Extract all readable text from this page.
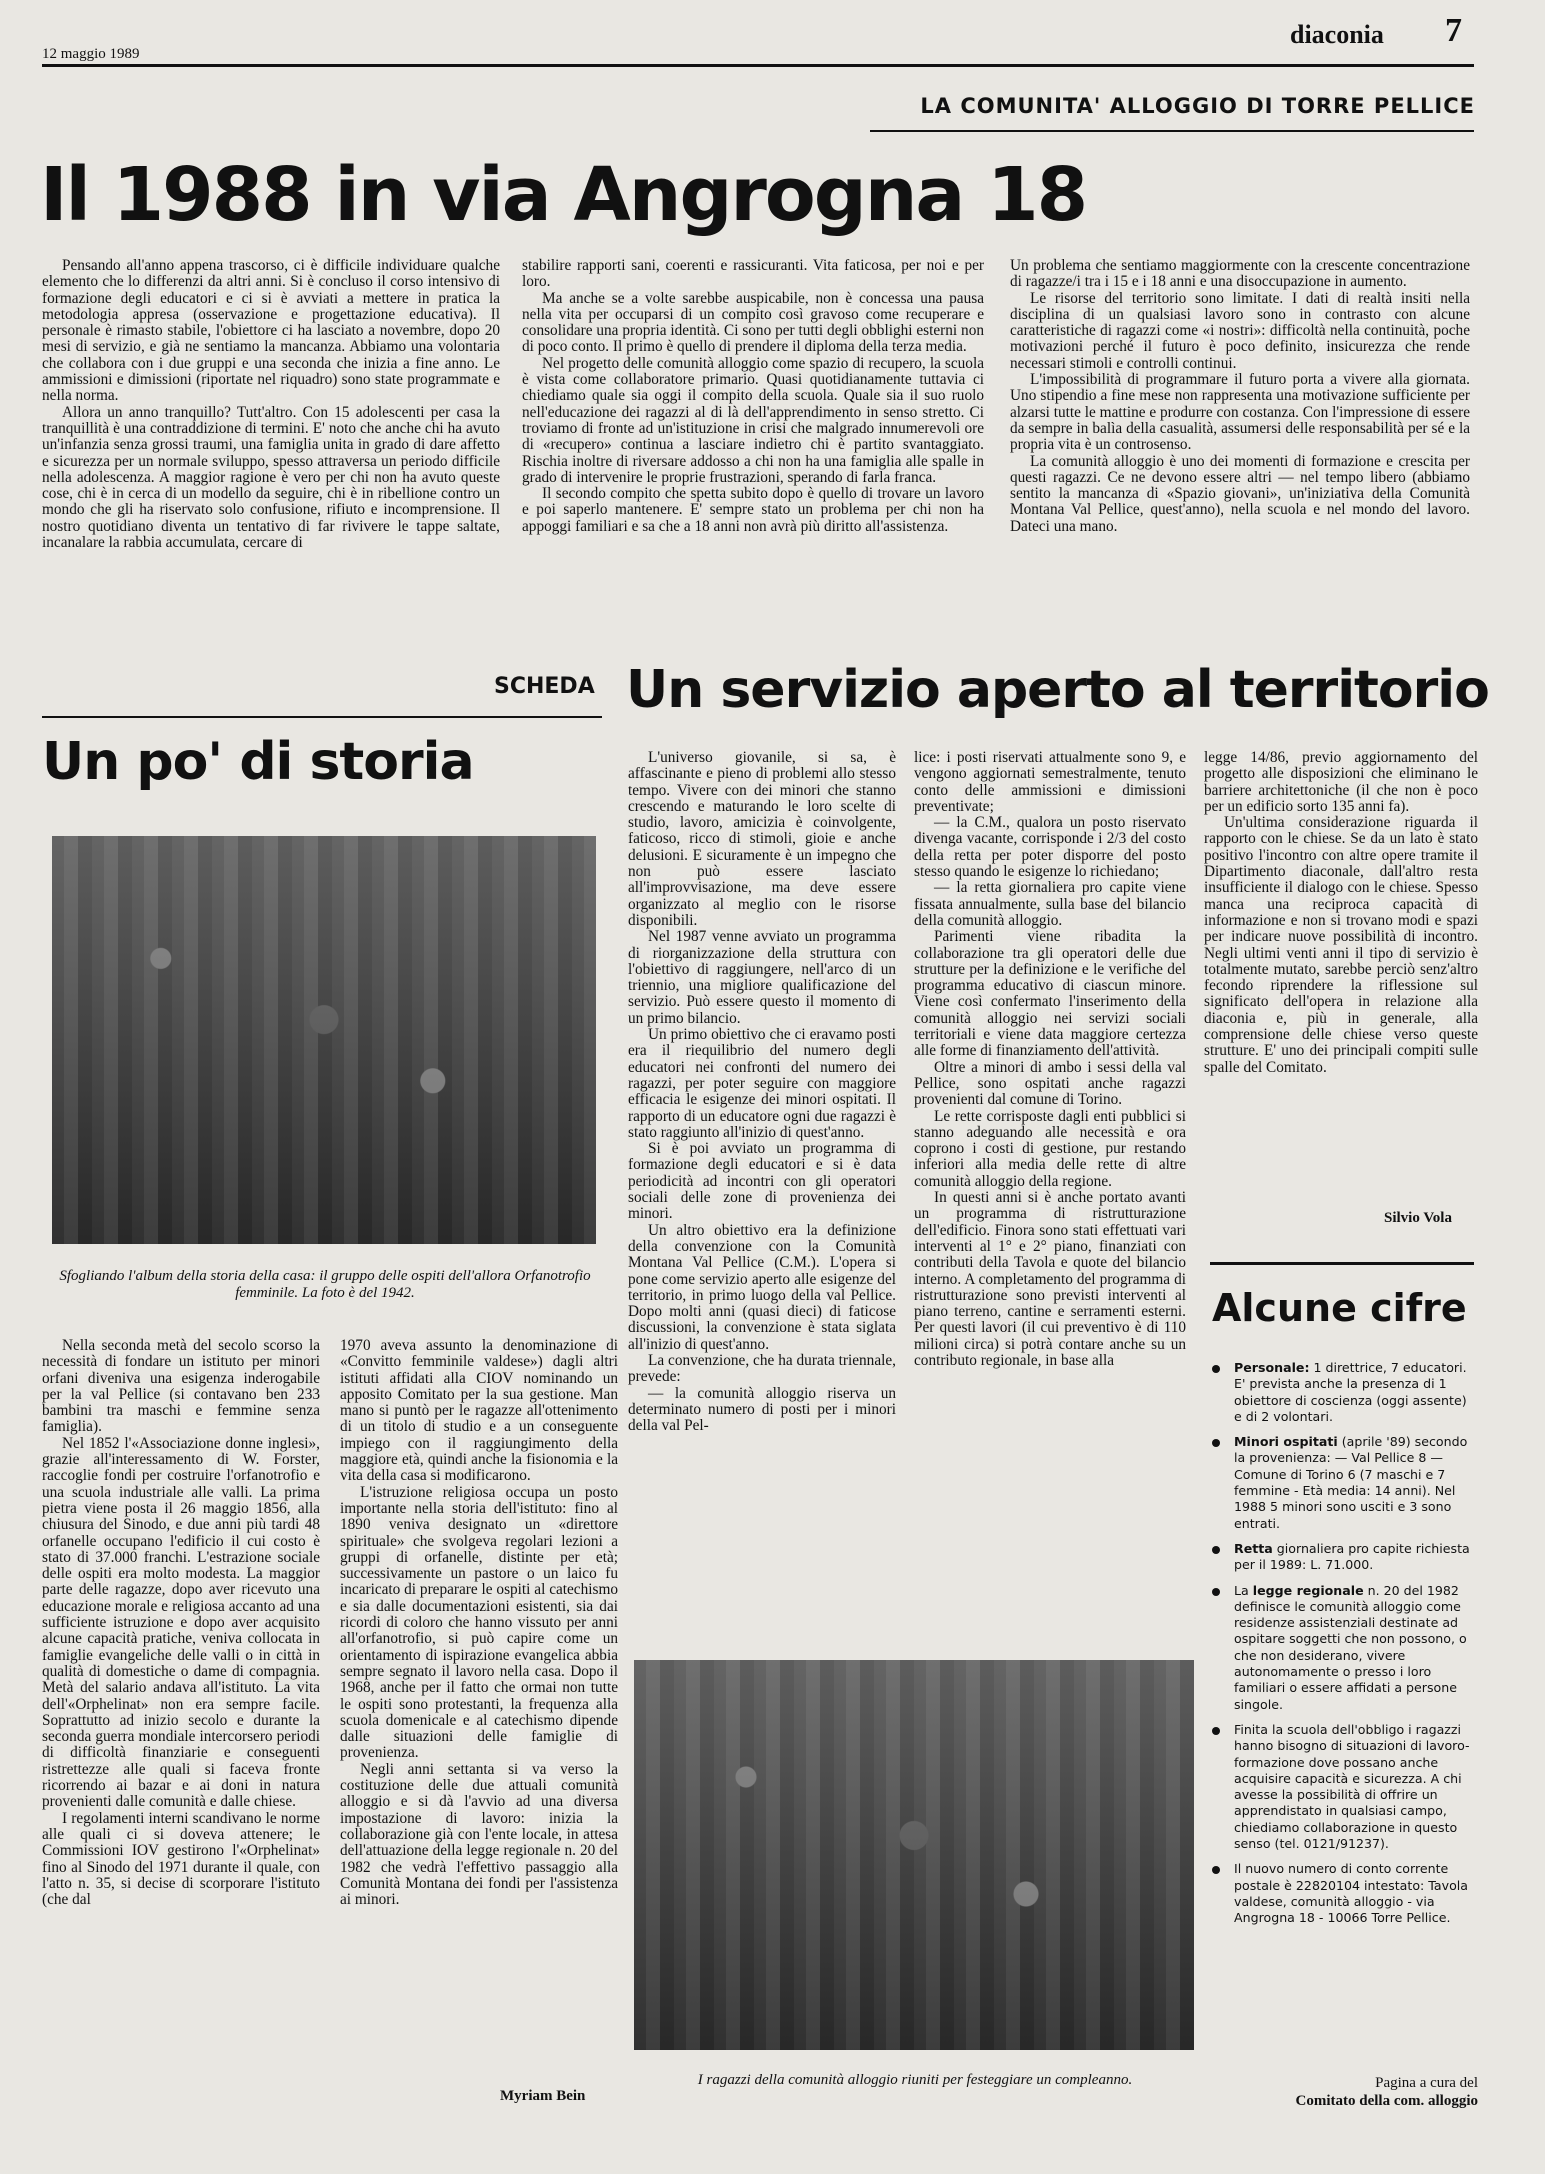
12 maggio 1989
diaconia 7
LA COMUNITA' ALLOGGIO DI TORRE PELLICE
Il 1988 in via Angrogna 18

Pensando all'anno appena trascorso, ci è difficile individuare qualche elemento che lo differenzi da altri anni. Si è concluso il corso intensivo di formazione degli educatori e ci si è avviati a mettere in pratica la metodologia appresa (osservazione e progettazione educativa). Il personale è rimasto stabile, l'obiettore ci ha lasciato a novembre, dopo 20 mesi di servizio, e già ne sentiamo la mancanza. Abbiamo una volontaria che collabora con i due gruppi e una seconda che inizia a fine anno. Le ammissioni e dimissioni (riportate nel riquadro) sono state programmate e nella norma.

Allora un anno tranquillo? Tutt'altro. Con 15 adolescenti per casa la tranquillità è una contraddizione di termini. E' noto che anche chi ha avuto un'infanzia senza grossi traumi, una famiglia unita in grado di dare affetto e sicurezza per un normale sviluppo, spesso attraversa un periodo difficile nella adolescenza. A maggior ragione è vero per chi non ha avuto queste cose, chi è in cerca di un modello da seguire, chi è in ribellione contro un mondo che gli ha riservato solo confusione, rifiuto e incomprensione. Il nostro quotidiano diventa un tentativo di far rivivere le tappe saltate, incanalare la rabbia accumulata, cercare di

stabilire rapporti sani, coerenti e rassicuranti. Vita faticosa, per noi e per loro.

Ma anche se a volte sarebbe auspicabile, non è concessa una pausa nella vita per occuparsi di un compito così gravoso come recuperare e consolidare una propria identità. Ci sono per tutti degli obblighi esterni non di poco conto. Il primo è quello di prendere il diploma della terza media.

Nel progetto delle comunità alloggio come spazio di recupero, la scuola è vista come collaboratore primario. Quasi quotidianamente tuttavia ci chiediamo quale sia oggi il compito della scuola. Quale sia il suo ruolo nell'educazione dei ragazzi al di là dell'apprendimento in senso stretto. Ci troviamo di fronte ad un'istituzione in crisi che malgrado innumerevoli ore di «recupero» continua a lasciare indietro chi è partito svantaggiato. Rischia inoltre di riversare addosso a chi non ha una famiglia alle spalle in grado di intervenire le proprie frustrazioni, sperando di farla franca.

Il secondo compito che spetta subito dopo è quello di trovare un lavoro e poi saperlo mantenere. E' sempre stato un problema per chi non ha appoggi familiari e sa che a 18 anni non avrà più diritto all'assistenza.

Un problema che sentiamo maggiormente con la crescente concentrazione di ragazze/i tra i 15 e i 18 anni e una disoccupazione in aumento.

Le risorse del territorio sono limitate. I dati di realtà insiti nella disciplina di un qualsiasi lavoro sono in contrasto con alcune caratteristiche di ragazzi come «i nostri»: difficoltà nella continuità, poche motivazioni perché il futuro è poco definito, insicurezza che rende necessari stimoli e controlli continui.

L'impossibilità di programmare il futuro porta a vivere alla giornata. Uno stipendio a fine mese non rappresenta una motivazione sufficiente per alzarsi tutte le mattine e produrre con costanza. Con l'impressione di essere da sempre in balìa della casualità, assumersi delle responsabilità per sé e la propria vita è un controsenso.

La comunità alloggio è uno dei momenti di formazione e crescita per questi ragazzi. Ce ne devono essere altri — nel tempo libero (abbiamo sentito la mancanza di «Spazio giovani», un'iniziativa della Comunità Montana Val Pellice, quest'anno), nella scuola e nel mondo del lavoro. Dateci una mano.

SCHEDA Un servizio aperto al territorio
Un po' di storia
Sfogliando l'album della storia della casa: il gruppo delle ospiti dell'allora Orfanotrofio femminile. La foto è del 1942.

Nella seconda metà del secolo scorso la necessità di fondare un istituto per minori orfani diveniva una esigenza inderogabile per la val Pellice (si contavano ben 233 bambini tra maschi e femmine senza famiglia).

Nel 1852 l'«Associazione donne inglesi», grazie all'interessamento di W. Forster, raccoglie fondi per costruire l'orfanotrofio e una scuola industriale alle valli. La prima pietra viene posta il 26 maggio 1856, alla chiusura del Sinodo, e due anni più tardi 48 orfanelle occupano l'edificio il cui costo è stato di 37.000 franchi. L'estrazione sociale delle ospiti era molto modesta. La maggior parte delle ragazze, dopo aver ricevuto una educazione morale e religiosa accanto ad una sufficiente istruzione e dopo aver acquisito alcune capacità pratiche, veniva collocata in famiglie evangeliche delle valli o in città in qualità di domestiche o dame di compagnia. Metà del salario andava all'istituto. La vita dell'«Orphelinat» non era sempre facile. Soprattutto ad inizio secolo e durante la seconda guerra mondiale intercorsero periodi di difficoltà finanziarie e conseguenti ristrettezze alle quali si faceva fronte ricorrendo ai bazar e ai doni in natura provenienti dalle comunità e dalle chiese.

I regolamenti interni scandivano le norme alle quali ci si doveva attenere; le Commissioni IOV gestirono l'«Orphelinat» fino al Sinodo del 1971 durante il quale, con l'atto n. 35, si decise di scorporare l'istituto (che dal

1970 aveva assunto la denominazione di «Convitto femminile valdese») dagli altri istituti affidati alla CIOV nominando un apposito Comitato per la sua gestione. Man mano si puntò per le ragazze all'ottenimento di un titolo di studio e a un conseguente impiego con il raggiungimento della maggiore età, quindi anche la fisionomia e la vita della casa si modificarono.

L'istruzione religiosa occupa un posto importante nella storia dell'istituto: fino al 1890 veniva designato un «direttore spirituale» che svolgeva regolari lezioni a gruppi di orfanelle, distinte per età; successivamente un pastore o un laico fu incaricato di preparare le ospiti al catechismo e sia dalle documentazioni esistenti, sia dai ricordi di coloro che hanno vissuto per anni all'orfanotrofio, si può capire come un orientamento di ispirazione evangelica abbia sempre segnato il lavoro nella casa. Dopo il 1968, anche per il fatto che ormai non tutte le ospiti sono protestanti, la frequenza alla scuola domenicale e al catechismo dipende dalle situazioni delle famiglie di provenienza.

Negli anni settanta si va verso la costituzione delle due attuali comunità alloggio e si dà l'avvio ad una diversa impostazione di lavoro: inizia la collaborazione già con l'ente locale, in attesa dell'attuazione della legge regionale n. 20 del 1982 che vedrà l'effettivo passaggio alla Comunità Montana dei fondi per l'assistenza ai minori.

Myriam Bein

L'universo giovanile, si sa, è affascinante e pieno di problemi allo stesso tempo. Vivere con dei minori che stanno crescendo e maturando le loro scelte di studio, lavoro, amicizia è coinvolgente, faticoso, ricco di stimoli, gioie e anche delusioni. E sicuramente è un impegno che non può essere lasciato all'improvvisazione, ma deve essere organizzato al meglio con le risorse disponibili.

Nel 1987 venne avviato un programma di riorganizzazione della struttura con l'obiettivo di raggiungere, nell'arco di un triennio, una migliore qualificazione del servizio. Può essere questo il momento di un primo bilancio.

Un primo obiettivo che ci eravamo posti era il riequilibrio del numero degli educatori nei confronti del numero dei ragazzi, per poter seguire con maggiore efficacia le esigenze dei minori ospitati. Il rapporto di un educatore ogni due ragazzi è stato raggiunto all'inizio di quest'anno.

Si è poi avviato un programma di formazione degli educatori e si è data periodicità ad incontri con gli operatori sociali delle zone di provenienza dei minori.

Un altro obiettivo era la definizione della convenzione con la Comunità Montana Val Pellice (C.M.). L'opera si pone come servizio aperto alle esigenze del territorio, in primo luogo della val Pellice. Dopo molti anni (quasi dieci) di faticose discussioni, la convenzione è stata siglata all'inizio di quest'anno.

La convenzione, che ha durata triennale, prevede:

— la comunità alloggio riserva un determinato numero di posti per i minori della val Pel-

lice: i posti riservati attualmente sono 9, e vengono aggiornati semestralmente, tenuto conto delle ammissioni e dimissioni preventivate;

— la C.M., qualora un posto riservato divenga vacante, corrisponde i 2/3 del costo della retta per poter disporre del posto stesso quando le esigenze lo richiedano;

— la retta giornaliera pro capite viene fissata annualmente, sulla base del bilancio della comunità alloggio.

Parimenti viene ribadita la collaborazione tra gli operatori delle due strutture per la definizione e le verifiche del programma educativo di ciascun minore. Viene così confermato l'inserimento della comunità alloggio nei servizi sociali territoriali e viene data maggiore certezza alle forme di finanziamento dell'attività.

Oltre a minori di ambo i sessi della val Pellice, sono ospitati anche ragazzi provenienti dal comune di Torino.

Le rette corrisposte dagli enti pubblici si stanno adeguando alle necessità e ora coprono i costi di gestione, pur restando inferiori alla media delle rette di altre comunità alloggio della regione.

In questi anni si è anche portato avanti un programma di ristrutturazione dell'edificio. Finora sono stati effettuati vari interventi al 1° e 2° piano, finanziati con contributi della Tavola e quote del bilancio interno. A completamento del programma di ristrutturazione sono previsti interventi al piano terreno, cantine e serramenti esterni. Per questi lavori (il cui preventivo è di 110 milioni circa) si potrà contare anche su un contributo regionale, in base alla

legge 14/86, previo aggiornamento del progetto alle disposizioni che eliminano le barriere architettoniche (il che non è poco per un edificio sorto 135 anni fa).

Un'ultima considerazione riguarda il rapporto con le chiese. Se da un lato è stato positivo l'incontro con altre opere tramite il Dipartimento diaconale, dall'altro resta insufficiente il dialogo con le chiese. Spesso manca una reciproca capacità di informazione e non si trovano modi e spazi per indicare nuove possibilità di incontro. Negli ultimi venti anni il tipo di servizio è totalmente mutato, sarebbe perciò senz'altro fecondo riprendere la riflessione sul significato dell'opera in relazione alla diaconia e, più in generale, alla comprensione delle chiese verso queste strutture. E' uno dei principali compiti sulle spalle del Comitato.

Silvio Vola
I ragazzi della comunità alloggio riuniti per festeggiare un compleanno.
Alcune cifre
Personale: 1 direttrice, 7 educatori. E' prevista anche la presenza di 1 obiettore di coscienza (oggi assente) e di 2 volontari.
Minori ospitati (aprile '89) secondo la provenienza: — Val Pellice 8 — Comune di Torino 6 (7 maschi e 7 femmine - Età media: 14 anni). Nel 1988 5 minori sono usciti e 3 sono entrati.
Retta giornaliera pro capite richiesta per il 1989: L. 71.000.
La legge regionale n. 20 del 1982 definisce le comunità alloggio come residenze assistenziali destinate ad ospitare soggetti che non possono, o che non desiderano, vivere autonomamente o presso i loro familiari o essere affidati a persone singole.
Finita la scuola dell'obbligo i ragazzi hanno bisogno di situazioni di lavoro-formazione dove possano anche acquisire capacità e sicurezza. A chi avesse la possibilità di offrire un apprendistato in qualsiasi campo, chiediamo collaborazione in questo senso (tel. 0121/91237).
Il nuovo numero di conto corrente postale è 22820104 intestato: Tavola valdese, comunità alloggio - via Angrogna 18 - 10066 Torre Pellice.
Pagina a cura del
Comitato della com. alloggio
